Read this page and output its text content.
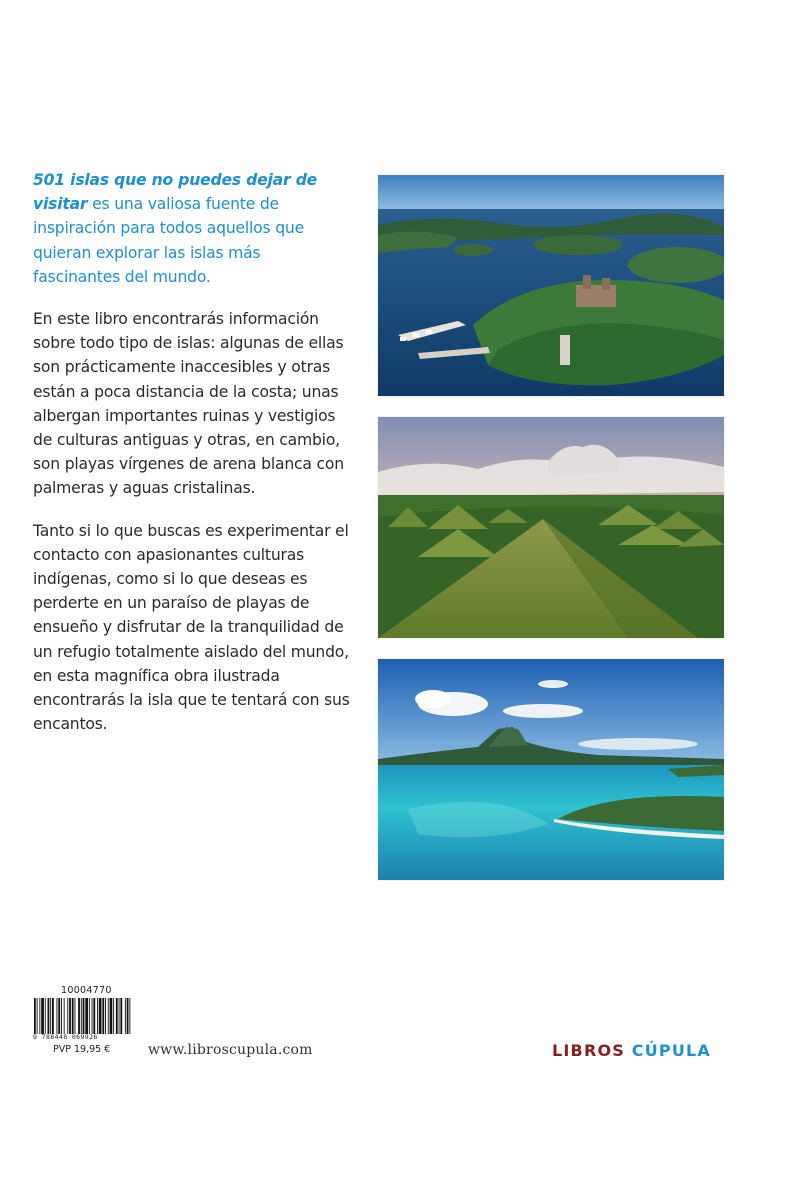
501 islas que no puedes dejar de visitar es una valiosa fuente de inspiración para todos aquellos que quieran explorar las islas más fascinantes del mundo.

En este libro encontrarás información sobre todo tipo de islas: algunas de ellas son prácticamente inaccesibles y otras están a poca distancia de la costa; unas albergan importantes ruinas y vestigios de culturas antiguas y otras, en cambio, son playas vírgenes de arena blanca con palmeras y aguas cristalinas.

Tanto si lo que buscas es experimentar el contacto con apasionantes culturas indígenas, como si lo que deseas es perderte en un paraíso de playas de ensueño y disfrutar de la tranquilidad de un refugio totalmente aislado del mundo, en esta magnífica obra ilustrada encontrarás la isla que te tentará con sus encantos.

10004770
9 788448 069926
PVP 19,95 €	www.libroscupula.com	LIBROS CÚPULA
